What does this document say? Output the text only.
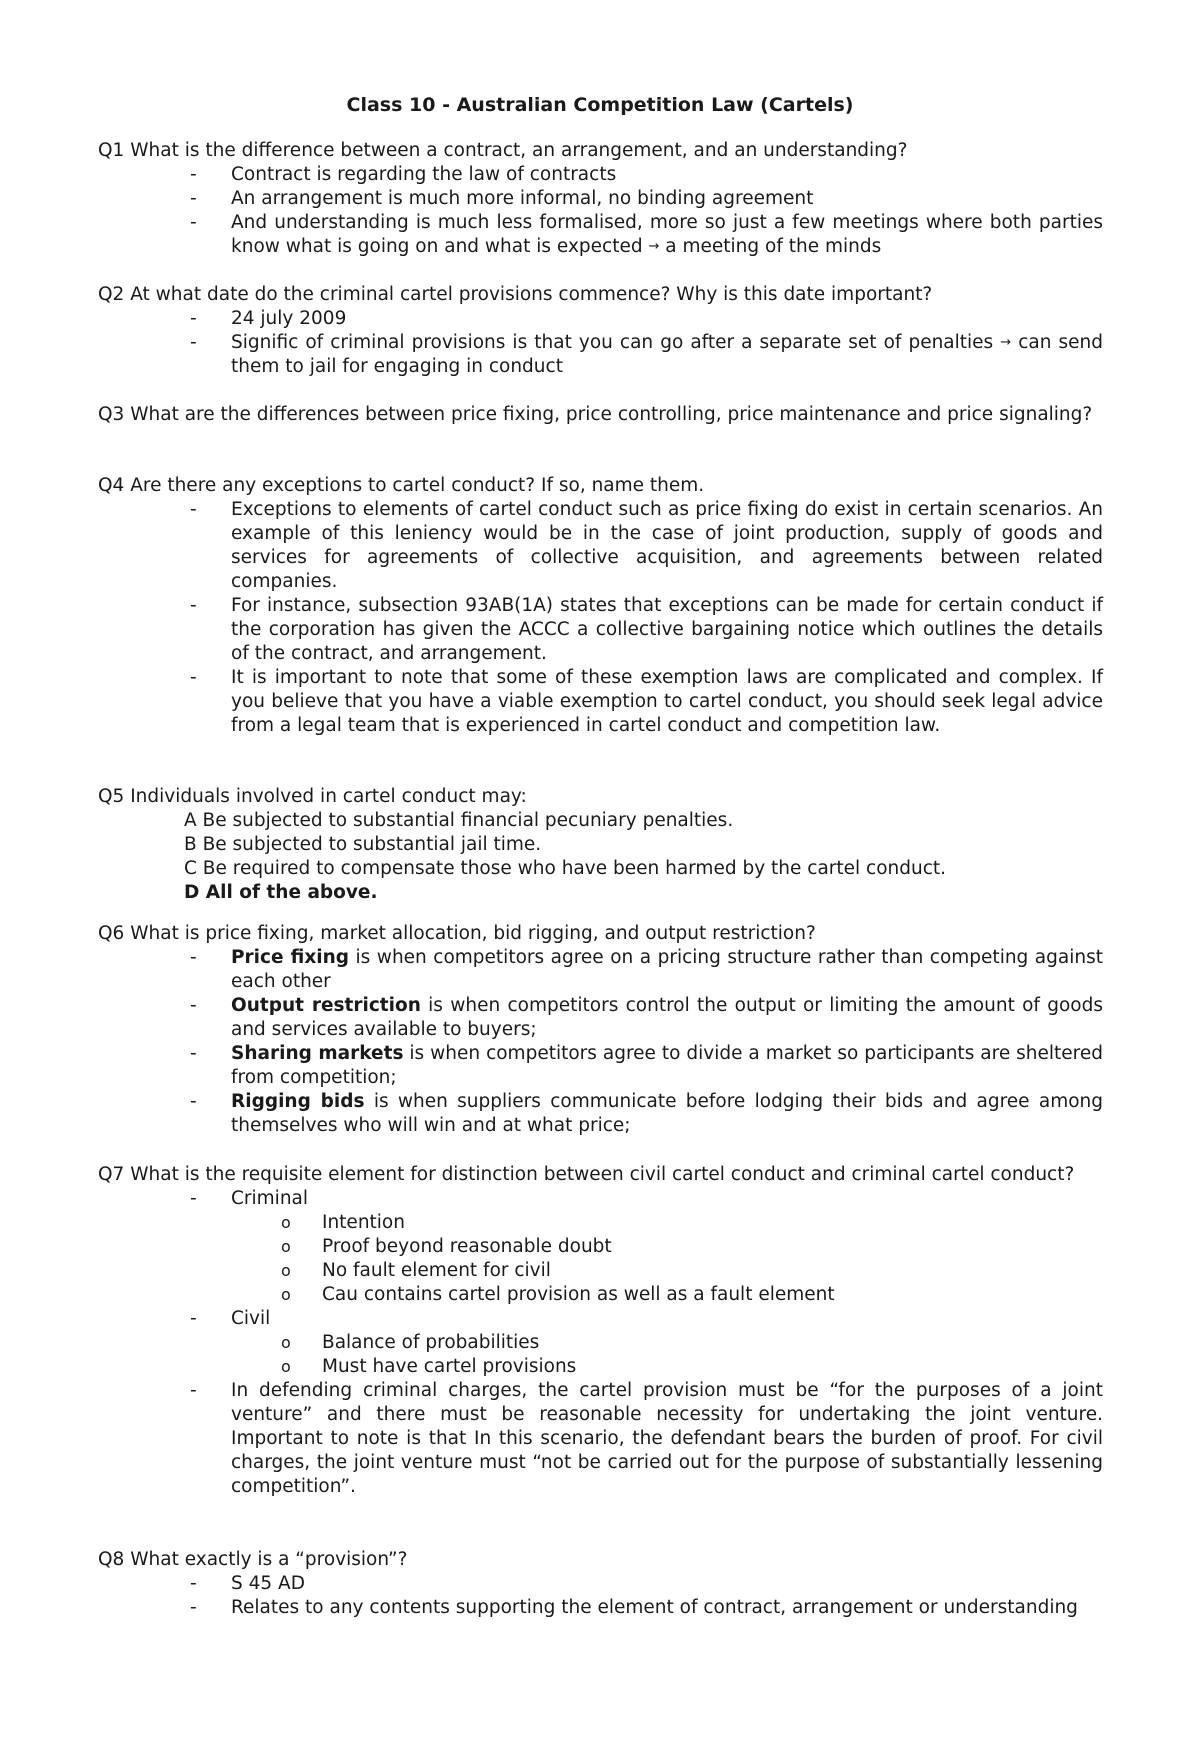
Class 10 - Australian Competition Law (Cartels)
Q1 What is the difference between a contract, an arrangement, and an understanding?
- Contract is regarding the law of contracts
- An arrangement is much more informal, no binding agreement
- And understanding is much less formalised, more so just a few meetings where both parties know what is going on and what is expected → a meeting of the minds
Q2 At what date do the criminal cartel provisions commence? Why is this date important?
- 24 july 2009
- Signific of criminal provisions is that you can go after a separate set of penalties → can send them to jail for engaging in conduct
Q3 What are the differences between price fixing, price controlling, price maintenance and price signaling?
Q4 Are there any exceptions to cartel conduct? If so, name them.
- Exceptions to elements of cartel conduct such as price fixing do exist in certain scenarios. An example of this leniency would be in the case of joint production, supply of goods and services for agreements of collective acquisition, and agreements between related companies.
- For instance, subsection 93AB(1A) states that exceptions can be made for certain conduct if the corporation has given the ACCC a collective bargaining notice which outlines the details of the contract, and arrangement.
- It is important to note that some of these exemption laws are complicated and complex. If you believe that you have a viable exemption to cartel conduct, you should seek legal advice from a legal team that is experienced in cartel conduct and competition law.
Q5 Individuals involved in cartel conduct may:
A Be subjected to substantial financial pecuniary penalties.
B Be subjected to substantial jail time.
C Be required to compensate those who have been harmed by the cartel conduct.
D All of the above.
Q6 What is price fixing, market allocation, bid rigging, and output restriction?
- Price fixing is when competitors agree on a pricing structure rather than competing against each other
- Output restriction is when competitors control the output or limiting the amount of goods and services available to buyers;
- Sharing markets is when competitors agree to divide a market so participants are sheltered from competition;
- Rigging bids is when suppliers communicate before lodging their bids and agree among themselves who will win and at what price;
Q7 What is the requisite element for distinction between civil cartel conduct and criminal cartel conduct?
- Criminal
o Intention
o Proof beyond reasonable doubt
o No fault element for civil
o Cau contains cartel provision as well as a fault element
- Civil
o Balance of probabilities
o Must have cartel provisions
- In defending criminal charges, the cartel provision must be “for the purposes of a joint venture” and there must be reasonable necessity for undertaking the joint venture. Important to note is that In this scenario, the defendant bears the burden of proof. For civil charges, the joint venture must “not be carried out for the purpose of substantially lessening competition”.
Q8 What exactly is a “provision”?
- S 45 AD
- Relates to any contents supporting the element of contract, arrangement or understanding
